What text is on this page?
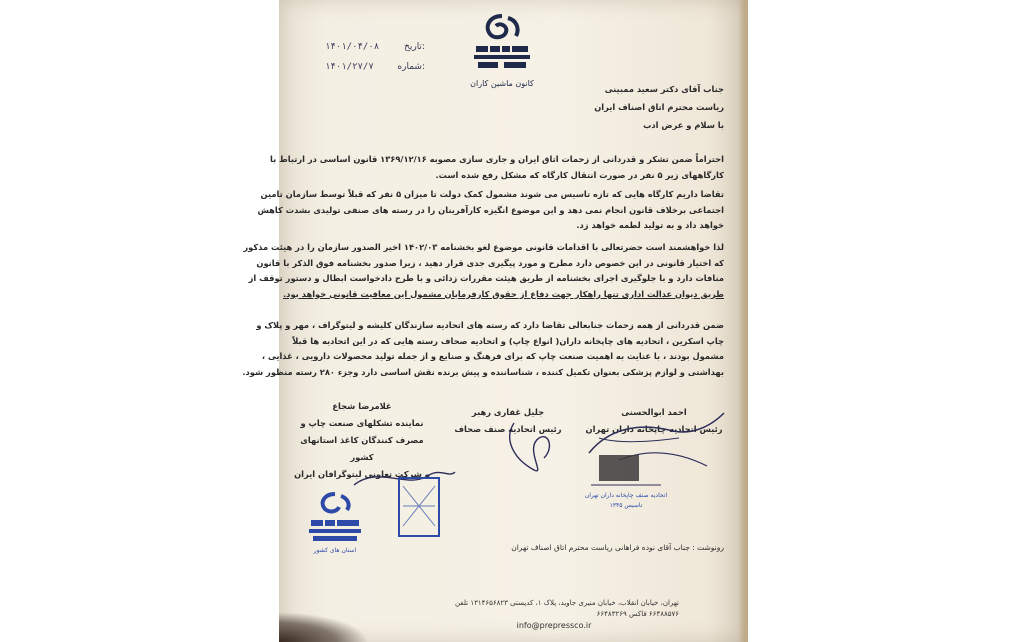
کانون ماشین کاران
۱۴۰۱/۰۴/۰۸	تاریخ:
۱۴۰۱/۲۷/۷	شماره:
جناب آقای دکتر سعید ممبینی
ریاست محترم اتاق اصناف ایران
با سلام و عرض ادب
احتراماً ضمن تشکر و قدردانی از زحمات اتاق ایران و جاری سازی مصوبه ۱۳۶۹/۱۲/۱۶ قانون اساسی در ارتباط با
کارگاههای زیر ۵ نفر در صورت انتقال کارگاه که مشکل رفع شده است.
تقاضا داریم کارگاه هایی که تازه تاسیس می شوند مشمول کمک دولت تا میزان ۵ نفر که قبلاً توسط سازمان تامین
اجتماعی برخلاف قانون انجام نمی دهد و این موضوع انگیزه کارآفرینان را در رسته های صنفی تولیدی بشدت کاهش
خواهد داد و به تولید لطمه خواهد زد.
لذا خواهشمند است حضرتعالی با اقدامات قانونی موضوع لغو بخشنامه ۱۴۰۲/۰۳ اخیر الصدور سازمان را در هیئت مذکور
که اختیار قانونی در این خصوص دارد مطرح و مورد پیگیری جدی قرار دهید ، زیرا صدور بخشنامه فوق الذکر با قانون
منافات دارد و با جلوگیری اجرای بخشنامه از طریق هیئت مقررات زدائی و با طرح دادخواست ابطال و دستور توقف از
طریق دیوان عدالت اداری تنها راهکار جهت دفاع از حقوق کارفرمایان مشمول این معافیت قانونی خواهد بود.
ضمن قدردانی از همه زحمات جنابعالی تقاضا دارد که رسته های اتحادیه سازندگان کلیشه و لیتوگراف ، مهر و پلاک و
چاپ اسکرین ، اتحادیه های چاپخانه داران( انواع چاپ) و اتحادیه صحاف رسته هایی که در این اتحادیه ها قبلاً
مشمول بودند ، با عنایت به اهمیت صنعت چاپ که برای فرهنگ و صنایع و از جمله تولید محصولات دارویی ، غذایی ،
بهداشتی و لوازم پزشکی بعنوان تکمیل کننده ، شناساننده و پیش برنده نقش اساسی دارد وجزء ۲۸۰ رسته منظور شود.
احمد ابوالحسنی
رئیس اتحادیه چاپخانه داران تهران
جلیل غفاری رهبر
رئیس اتحادیه صنف صحاف
غلامرضا شجاع
نماینده تشکلهای صنعت چاپ و
مصرف کنندگان کاغذ استانهای کشور
و شرکت تعاونی لیتوگرافان ایران
اتحادیه صنف چاپخانه داران تهران
تاسیس ۱۳۴۵
استان های کشور	رونوشت : جناب آقای نوده فراهانی ریاست محترم اتاق اصناف تهران
تهران، خیابان انقلاب، خیابان منیری جاوید، پلاک ۱، کدپستی ۱۳۱۴۶۵۶۸۲۳ تلفن ۶۶۴۸۸۵۷۶ فاکس ۶۶۴۸۳۲۶۹
info@prepressco.ir
